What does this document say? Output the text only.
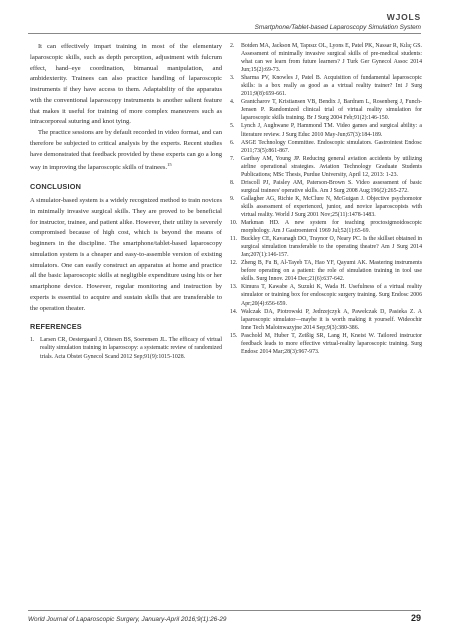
WJOLS
Smartphone/Tablet-based Laparoscopy Simulation System

It can effectively impart training in most of the elementary laparoscopic skills, such as depth perception, adjustment with fulcrum effect, hand–eye coordination, bimanual manipulation, and ambidexterity. Trainees can also practice handling of laparoscopic instruments if they have access to them. Adaptability of the apparatus with the conventional laparoscopy instruments is another salient feature that makes it useful for training of more complex maneuvers such as intracorporeal suturing and knot tying.

The practice sessions are by default recorded in video format, and can therefore be subjected to critical analysis by the experts. Recent studies have demonstrated that feedback provided by these experts can go a long way in improving the laparoscopic skills of trainees.$^{15}$

CONCLUSION

A simulator-based system is a widely recognized method to train novices in minimally invasive surgical skills. They are proved to be beneficial for instructor, trainee, and patient alike. However, their utility is severely compromised because of high cost, which is beyond the means of beginners in the discipline. The smartphone/tablet-based laparoscopy simulation system is a cheaper and easy-to-assemble version of existing simulators. One can easily construct an apparatus at home and practice all the basic laparoscopic skills at negligible expenditure using his or her smartphone device. However, regular monitoring and instruction by experts is essential to acquire and sustain skills that are transferable to the operation theater.

REFERENCES
1. Larsen CR, Oestergaard J, Ottesen BS, Soerensen JL. The efficacy of virtual reality simulation training in laparoscopy: a systematic review of randomized trials. Acta Obstet Gynecol Scand 2012 Sep;91(9):1015-1028.
2.	Botden MA, Jackson M, Tapısız OL, Lyons E, Patel PK, Nassar R, Kılıç GS. Assessment of minimally invasive surgical skills of pre-medical students: what can we learn from future learners? J Turk Ger Gynecol Assoc 2014 Jun;15(2):69-73.
3.	Sharma PV, Knowles J, Patel B. Acquisition of fundamental laparoscopic skills: is a box really as good as a virtual reality trainer? Int J Surg 2011;9(8):659-661.
4.	Grantcharov T, Kristiansen VB, Bendix J, Bardram L, Rosenberg J, Funch-Jensen P. Randomized clinical trial of virtual reality simulation for laparoscopic skills training. Br J Surg 2004 Feb;91(2):146-150.
5.	Lynch J, Aughwane P, Hammond TM. Video games and surgical ability: a literature review. J Surg Educ 2010 May-Jun;67(3):184-189.
6.	ASGE Technology Committee. Endoscopic simulators. Gastrointest Endosc 2011;73(5):861-867.
7.	Garibay AM, Young JP. Reducing general aviation accidents by utilizing airline operational strategies. Aviation Technology Graduate Students Publications; MSc Thesis, Purdue University, April 12, 2013: 1-23.
8.	Driscoll PJ, Paisley AM, Paterson-Brown S. Video assessment of basic surgical trainees' operative skills. Am J Surg 2008 Aug;196(2):265-272.
9.	Gallagher AG, Richie K, McClure N, McGuigan J. Objective psychomotor skills assessment of experienced, junior, and novice laparoscopists with virtual reality. World J Surg 2001 Nov;25(11):1478-1483.
10. Markman HD. A new system for teaching proctosigmoidoscopic morphology. Am J Gastroenterol 1969 Jul;52(1):65-69.
11. Buckley CE, Kavanagh DO, Traynor O, Neary PC. Is the skillset obtained in surgical simulation transferable to the operating theatre? Am J Surg 2014 Jan;207(1):146-157.
12. Zheng B, Fu B, Al-Tayeb TA, Hao YF, Qayumi AK. Mastering instruments before operating on a patient: the role of simulation training in tool use skills. Surg Innov. 2014 Dec;21(6):637-642.
13. Kimura T, Kawabe A, Suzuki K, Wada H. Usefulness of a virtual reality simulator or training box for endoscopic surgery training. Surg Endosc 2006 Apr;20(4):656-659.
14. Walczak DA, Piotrowski P, Jedrzejczyk A, Pawelczak D, Pasieka Z. A laparoscopic simulator—maybe it is worth making it yourself. Wideochir Inne Tech Maloinwazyjne 2014 Sep;9(3):380-386.
15. Paschold M, Huber T, Zeißig SR, Lang H, Kneist W. Tailored instructor feedback leads to more effective virtual-reality laparoscopic training. Surg Endosc 2014 Mar;28(3):967-973.
World Journal of Laparoscopic Surgery, January-April 2016;9(1):26-29	29
